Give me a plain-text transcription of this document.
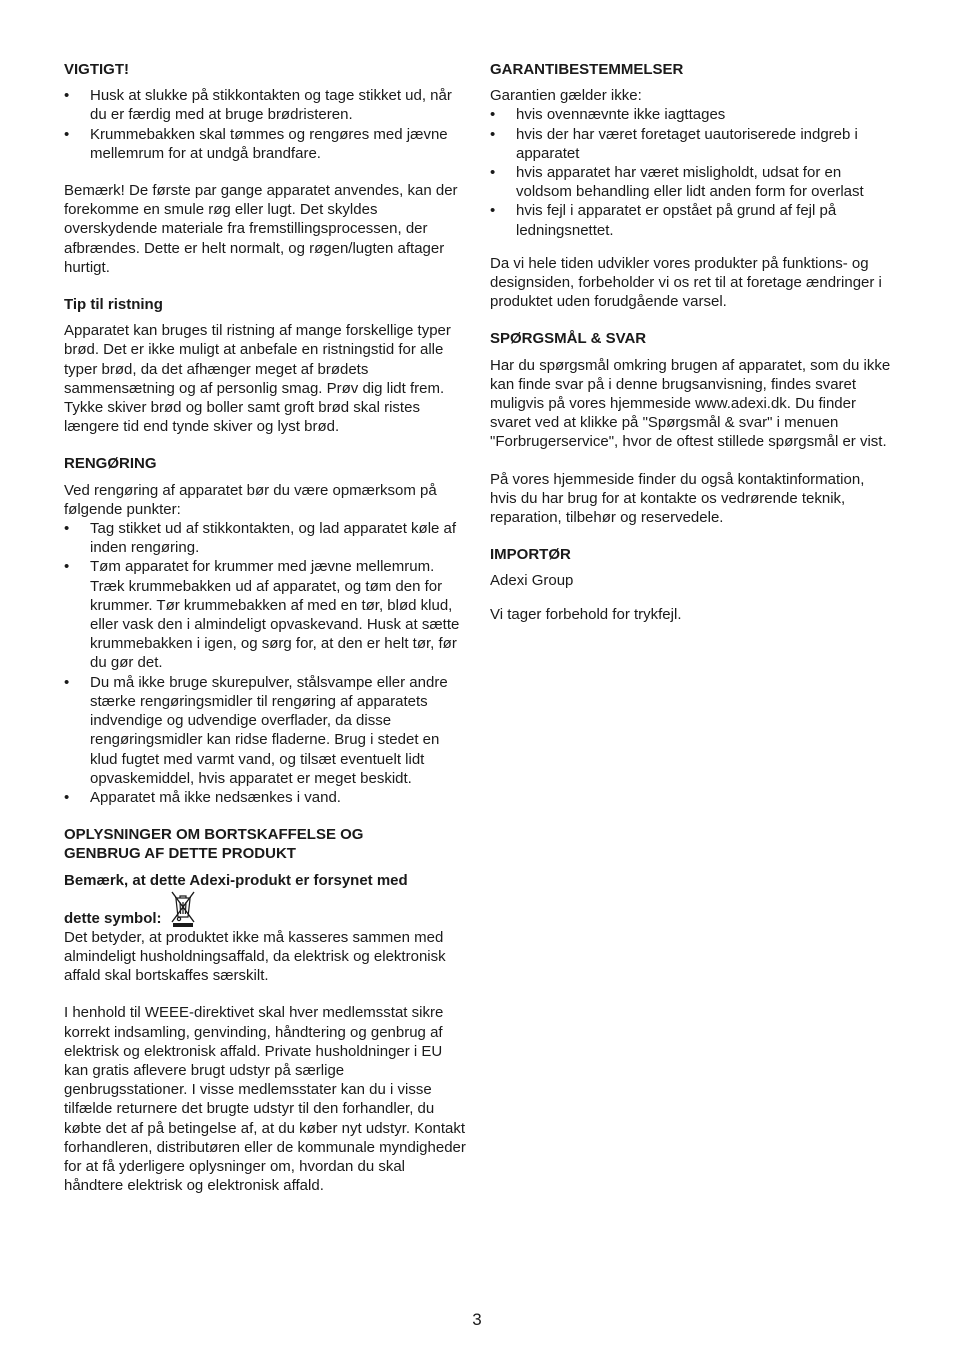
VIGTIGT!
• Husk at slukke på stikkontakten og tage stikket ud, når du er færdig med at bruge brødristeren.
• Krummebakken skal tømmes og rengøres med jævne mellemrum for at undgå brandfare.

Bemærk! De første par gange apparatet anvendes, kan der forekomme en smule røg eller lugt. Det skyldes overskydende materiale fra fremstillingsprocessen, der afbrændes. Dette er helt normalt, og røgen/lugten aftager hurtigt.

Tip til ristning

Apparatet kan bruges til ristning af mange forskellige typer brød. Det er ikke muligt at anbefale en ristningstid for alle typer brød, da det afhænger meget af brødets sammensætning og af personlig smag. Prøv dig lidt frem. Tykke skiver brød og boller samt groft brød skal ristes længere tid end tynde skiver og lyst brød.

RENGØRING

Ved rengøring af apparatet bør du være opmærksom på følgende punkter:

• Tag stikket ud af stikkontakten, og lad apparatet køle af inden rengøring.
• Tøm apparatet for krummer med jævne mellemrum. Træk krummebakken ud af apparatet, og tøm den for krummer. Tør krummebakken af med en tør, blød klud, eller vask den i almindeligt opvaskevand. Husk at sætte krummebakken i igen, og sørg for, at den er helt tør, før du gør det.
• Du må ikke bruge skurepulver, stålsvampe eller andre stærke rengøringsmidler til rengøring af apparatets indvendige og udvendige overflader, da disse rengøringsmidler kan ridse fladerne. Brug i stedet en klud fugtet med varmt vand, og tilsæt eventuelt lidt opvaskemiddel, hvis apparatet er meget beskidt.
• Apparatet må ikke nedsænkes i vand.
OPLYSNINGER OM BORTSKAFFELSE OG
GENBRUG AF DETTE PRODUKT

Bemærk, at dette Adexi-produkt er forsynet med

dette symbol:

Det betyder, at produktet ikke må kasseres sammen med almindeligt husholdningsaffald, da elektrisk og elektronisk affald skal bortskaffes særskilt.

I henhold til WEEE-direktivet skal hver medlemsstat sikre korrekt indsamling, genvinding, håndtering og genbrug af elektrisk og elektronisk affald. Private husholdninger i EU kan gratis aflevere brugt udstyr på særlige genbrugsstationer. I visse medlemsstater kan du i visse tilfælde returnere det brugte udstyr til den forhandler, du købte det af på betingelse af, at du køber nyt udstyr. Kontakt forhandleren, distributøren eller de kommunale myndigheder for at få yderligere oplysninger om, hvordan du skal håndtere elektrisk og elektronisk affald.

GARANTIBESTEMMELSER

Garantien gælder ikke:

• hvis ovennævnte ikke iagttages
• hvis der har været foretaget uautoriserede indgreb i apparatet
• hvis apparatet har været misligholdt, udsat for en voldsom behandling eller lidt anden form for overlast
• hvis fejl i apparatet er opstået på grund af fejl på ledningsnettet.

Da vi hele tiden udvikler vores produkter på funktions- og designsiden, forbeholder vi os ret til at foretage ændringer i produktet uden forudgående varsel.

SPØRGSMÅL & SVAR

Har du spørgsmål omkring brugen af apparatet, som du ikke kan finde svar på i denne brugsanvisning, findes svaret muligvis på vores hjemmeside www.adexi.dk. Du finder svaret ved at klikke på "Spørgsmål & svar" i menuen "Forbrugerservice", hvor de oftest stillede spørgsmål er vist.

På vores hjemmeside finder du også kontaktinformation, hvis du har brug for at kontakte os vedrørende teknik, reparation, tilbehør og reservedele.

IMPORTØR

Adexi Group

Vi tager forbehold for trykfejl.

3
